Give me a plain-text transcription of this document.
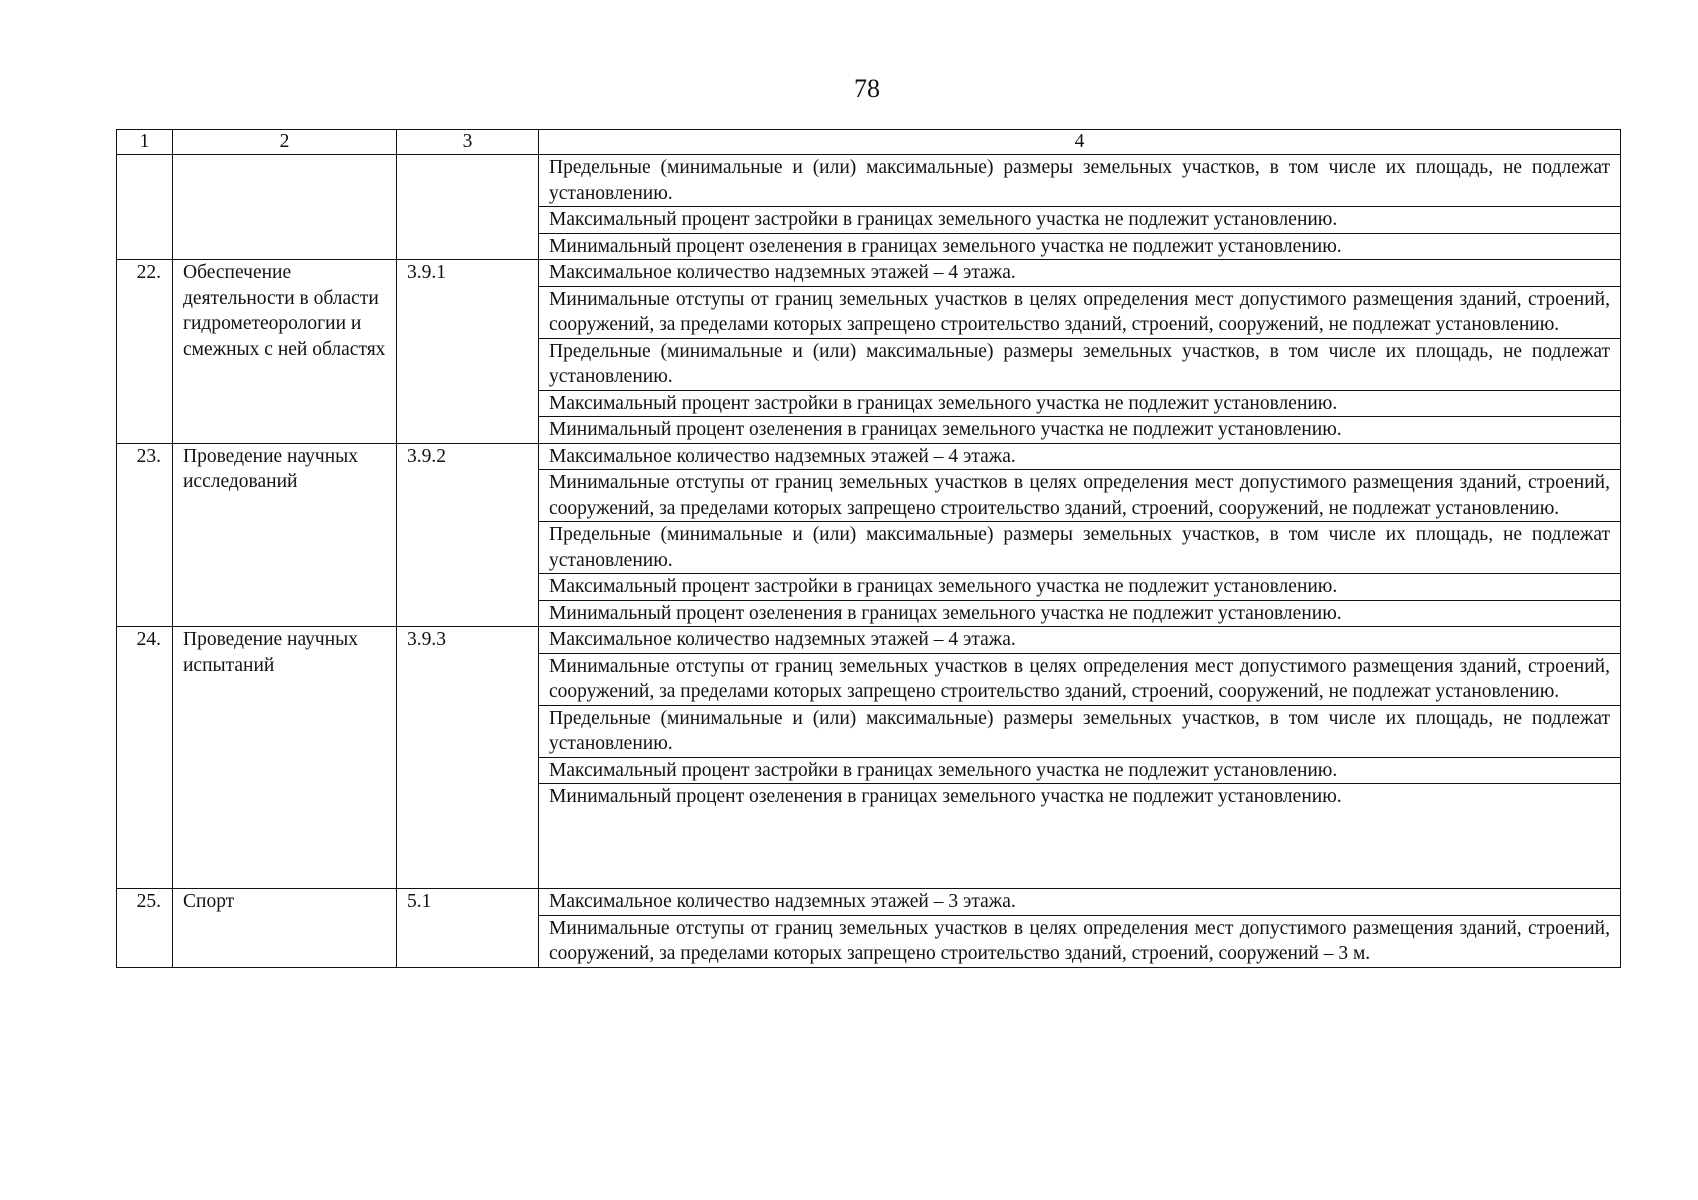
78
1	2	3	4
			Предельные (минимальные и (или) максимальные) размеры земельных участков, в том числе их площадь, не подлежат установлению.
			Максимальный процент застройки в границах земельного участка не подлежит установлению.
			Минимальный процент озеленения в границах земельного участка не подлежит установлению.
22.	Обеспечение деятельности в области гидрометеорологии и смежных с ней областях	3.9.1	Максимальное количество надземных этажей – 4 этажа.
			Минимальные отступы от границ земельных участков в целях определения мест допустимого размещения зданий, строений, сооружений, за пределами которых запрещено строительство зданий, строений, сооружений, не подлежат установлению.
			Предельные (минимальные и (или) максимальные) размеры земельных участков, в том числе их площадь, не подлежат установлению.
			Максимальный процент застройки в границах земельного участка не подлежит установлению.
			Минимальный процент озеленения в границах земельного участка не подлежит установлению.
23.	Проведение научных исследований	3.9.2	Максимальное количество надземных этажей – 4 этажа.
			Минимальные отступы от границ земельных участков в целях определения мест допустимого размещения зданий, строений, сооружений, за пределами которых запрещено строительство зданий, строений, сооружений, не подлежат установлению.
			Предельные (минимальные и (или) максимальные) размеры земельных участков, в том числе их площадь, не подлежат установлению.
			Максимальный процент застройки в границах земельного участка не подлежит установлению.
			Минимальный процент озеленения в границах земельного участка не подлежит установлению.
24.	Проведение научных испытаний	3.9.3	Максимальное количество надземных этажей – 4 этажа.
			Минимальные отступы от границ земельных участков в целях определения мест допустимого размещения зданий, строений, сооружений, за пределами которых запрещено строительство зданий, строений, сооружений, не подлежат установлению.
			Предельные (минимальные и (или) максимальные) размеры земельных участков, в том числе их площадь, не подлежат установлению.
			Максимальный процент застройки в границах земельного участка не подлежит установлению.
			Минимальный процент озеленения в границах земельного участка не подлежит установлению.
25.	Спорт	5.1	Максимальное количество надземных этажей – 3 этажа.
			Минимальные отступы от границ земельных участков в целях определения мест допустимого размещения зданий, строений, сооружений, за пределами которых запрещено строительство зданий, строений, сооружений – 3 м.
